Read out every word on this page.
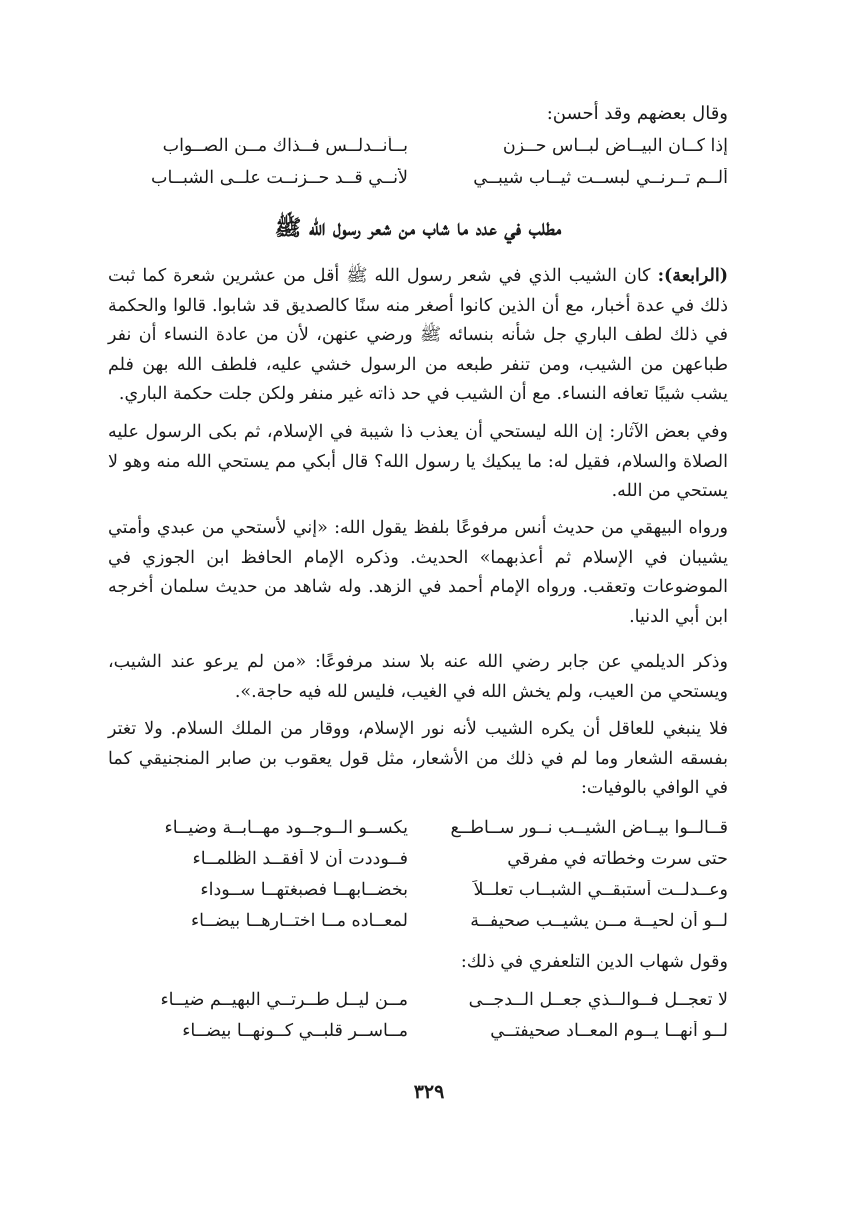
وقال بعضهم وقد أحسن:
إذا كــان البيــاض لبــاس حــزن
بــأنــدلــس فــذاك مــن الصــواب
ألــم تــرنــي لبســت ثيــاب شيبــي
لأنــي قــد حــزنــت علــى الشبــاب
مطلب في عدد ما شاب من شعر رسول الله ﷺ
(الرابعة): كان الشيب الذي في شعر رسول الله ﷺ أقل من عشرين شعرة كما ثبت ذلك في عدة أخبار، مع أن الذين كانوا أصغر منه سنًا كالصديق قد شابوا. قالوا والحكمة في ذلك لطف الباري جل شأنه بنسائه ﷺ ورضي عنهن، لأن من عادة النساء أن نفر طباعهن من الشيب، ومن تنفر طبعه من الرسول خشي عليه، فلطف الله بهن فلم يشب شيبًا تعافه النساء. مع أن الشيب في حد ذاته غير منفر ولكن جلت حكمة الباري.
وفي بعض الآثار: إن الله ليستحي أن يعذب ذا شيبة في الإسلام، ثم بكى الرسول عليه الصلاة والسلام، فقيل له: ما يبكيك يا رسول الله؟ قال أبكي مم يستحي الله منه وهو لا يستحي من الله.
ورواه البيهقي من حديث أنس مرفوعًا بلفظ يقول الله: «إني لأستحي من عبدي وأمتي يشيبان في الإسلام ثم أعذبهما» الحديث. وذكره الإمام الحافظ ابن الجوزي في الموضوعات وتعقب. ورواه الإمام أحمد في الزهد. وله شاهد من حديث سلمان أخرجه ابن أبي الدنيا.
وذكر الديلمي عن جابر رضي الله عنه بلا سند مرفوعًا: «من لم يرعو عند الشيب، ويستحي من العيب، ولم يخش الله في الغيب، فليس لله فيه حاجة.».
فلا ينبغي للعاقل أن يكره الشيب لأنه نور الإسلام، ووقار من الملك السلام. ولا تغتر بفسقه الشعار وما لم في ذلك من الأشعار، مثل قول يعقوب بن صابر المنجنيقي كما في الوافي بالوفيات:
قــالــوا بيــاض الشيــب نــور ســاطــع
يكســو الــوجــود مهــابــة وضيــاء
حتى سرت وخطاته في مفرقي
فــوددت أن لا أفقــد الظلمــاء
وعــدلــت أستبقــي الشبــاب تعلــلاً
بخضــابهــا فصبغتهــا ســوداء
لــو أن لحيــة مــن يشيــب صحيفــة
لمعــاده مــا اختــارهــا بيضــاء
وقول شهاب الدين التلعفري في ذلك:
لا تعجــل فــوالــذي جعــل الــدجــى
مــن ليــل طــرتــي البهيــم ضيــاء
لــو أنهــا يــوم المعــاد صحيفتــي
مــاســر قلبــي كــونهــا بيضــاء
٣٢٩
